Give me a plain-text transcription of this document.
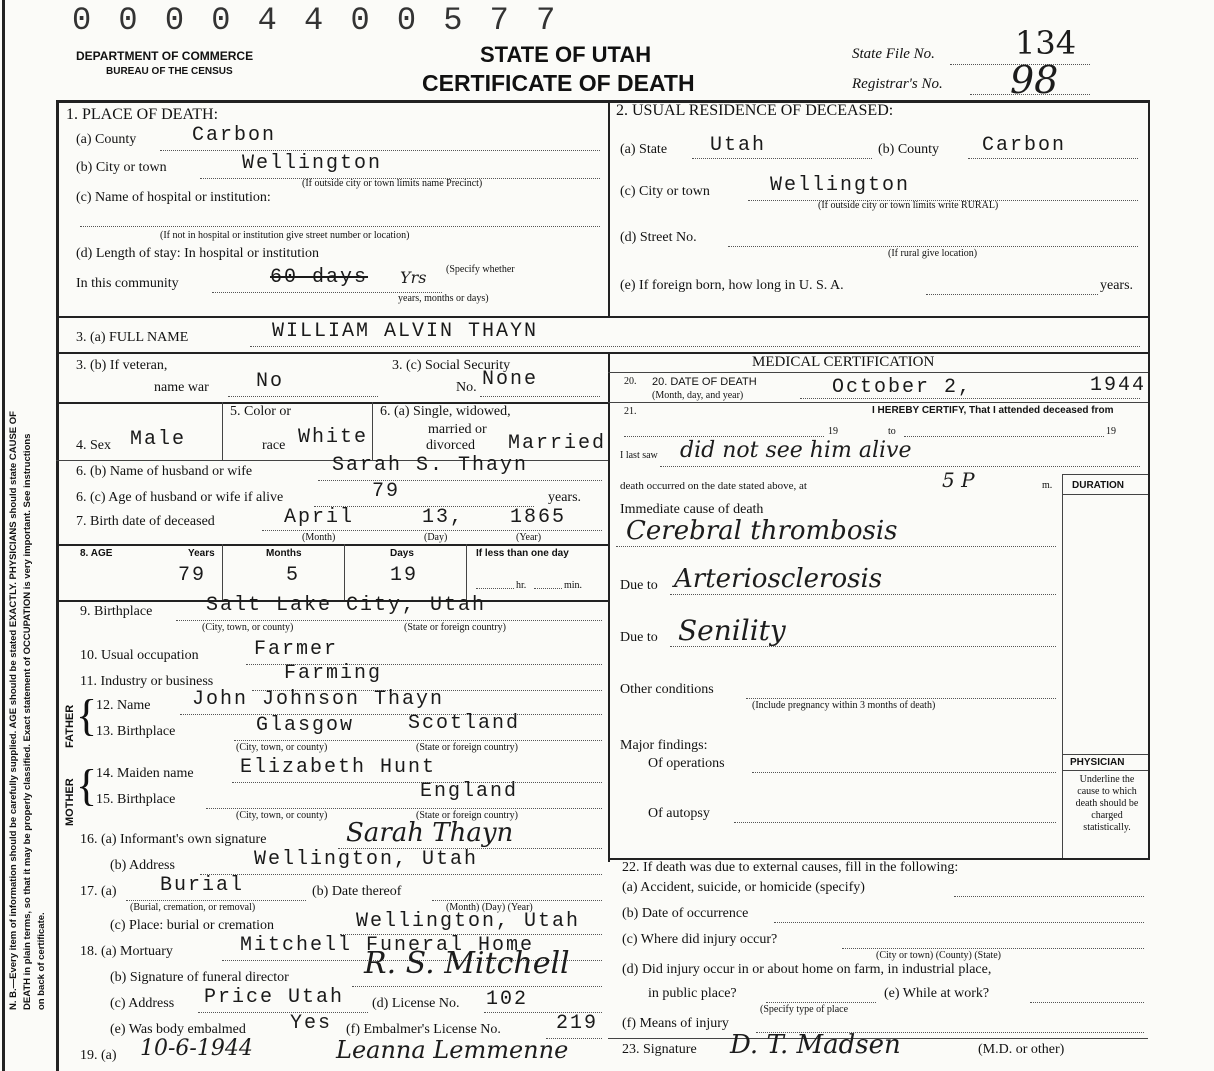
N. B.—Every item of information should be carefully supplied. AGE should be stated EXACTLY. PHYSICIANS should state CAUSE OF DEATH in plain terms, so that it may be properly classified. Exact statement of OCCUPATION is very important. See instructions on back of certificate.
0 0 0 0 4 4 0 0 5 7 7
DEPARTMENT OF COMMERCE
BUREAU OF THE CENSUS
STATE OF UTAH
CERTIFICATE OF DEATH
State File No.	134
Registrar's No. 98
1. PLACE OF DEATH:
(a) County	Carbon
(b) City or town	Wellington
(If outside city or town limits name Precinct)
(c) Name of hospital or institution:
(If not in hospital or institution give street number or location)
(d) Length of stay: In hospital or institution
In this community	60 days Yrs (Specify whether
years, months or days)
2. USUAL RESIDENCE OF DECEASED:
(a) State Utah	(b) County Carbon
(c) City or town	Wellington
(If outside city or town limits write RURAL)
(d) Street No.
(If rural give location)
(e) If foreign born, how long in U. S. A.	years.
3. (a) FULL NAME	WILLIAM ALVIN THAYN
3. (b) If veteran,
name war No
3. (c) Social Security
No. None
MEDICAL CERTIFICATION
20. DATE OF DEATH
(Month, day, and year)
20.	October 2,	1944
21.	I HEREBY CERTIFY, That I attended deceased from
19	to	19
I last saw did not see him alive
death occurred on the date stated above, at	5 P	m. DURATION
Immediate cause of death
Cerebral thrombosis
Due to Arteriosclerosis
Due to Senility
Other conditions
(Include pregnancy within 3 months of death)
Major findings:
Of operations
Of autopsy
PHYSICIAN
Underline the cause to which death should be charged statistically.
22. If death was due to external causes, fill in the following:
(a) Accident, suicide, or homicide (specify)
(b) Date of occurrence
(c) Where did injury occur?
(City or town) (County) (State)
(d) Did injury occur in or about home on farm, in industrial place,
in public place?	(e) While at work?
(Specify type of place
(f) Means of injury
23. Signature D. T. Madsen	(M.D. or other)
5. Color or	6. (a) Single, widowed,
married or
divorced Married
4. Sex Male	race White
6. (b) Name of husband or wife	Sarah S. Thayn
6. (c) Age of husband or wife if alive	79	years.
7. Birth date of deceased	April	13, 1865
(Month)	(Day)	(Year)
8. AGE	Years	Months	Days	If less than one day
79	5	19	hr.	min.
9. Birthplace	Salt Lake City, Utah
(City, town, or county)	(State or foreign country)
10. Usual occupation	Farmer
11. Industry or business	Farming
MOTHER
FATHER {
{
12. Name John Johnson Thayn
13. Birthplace	Glasgow	Scotland
(City, town, or county)	(State or foreign country)
14. Maiden name Elizabeth Hunt
15. Birthplace	England
(City, town, or county)	(State or foreign country)
16. (a) Informant's own signature	Sarah Thayn
(b) Address	Wellington, Utah
17. (a) Burial	(b) Date thereof
(Burial, cremation, or removal)	(Month) (Day) (Year)
(c) Place: burial or cremation	Wellington, Utah
18. (a) Mortuary	Mitchell Funeral Home
(b) Signature of funeral director	R. S. Mitchell
(c) Address Price Utah (d) License No. 102
(e) Was body embalmed Yes (f) Embalmer's License No.	219
19. (a) 10-6-1944	Leanna Lemmenne
